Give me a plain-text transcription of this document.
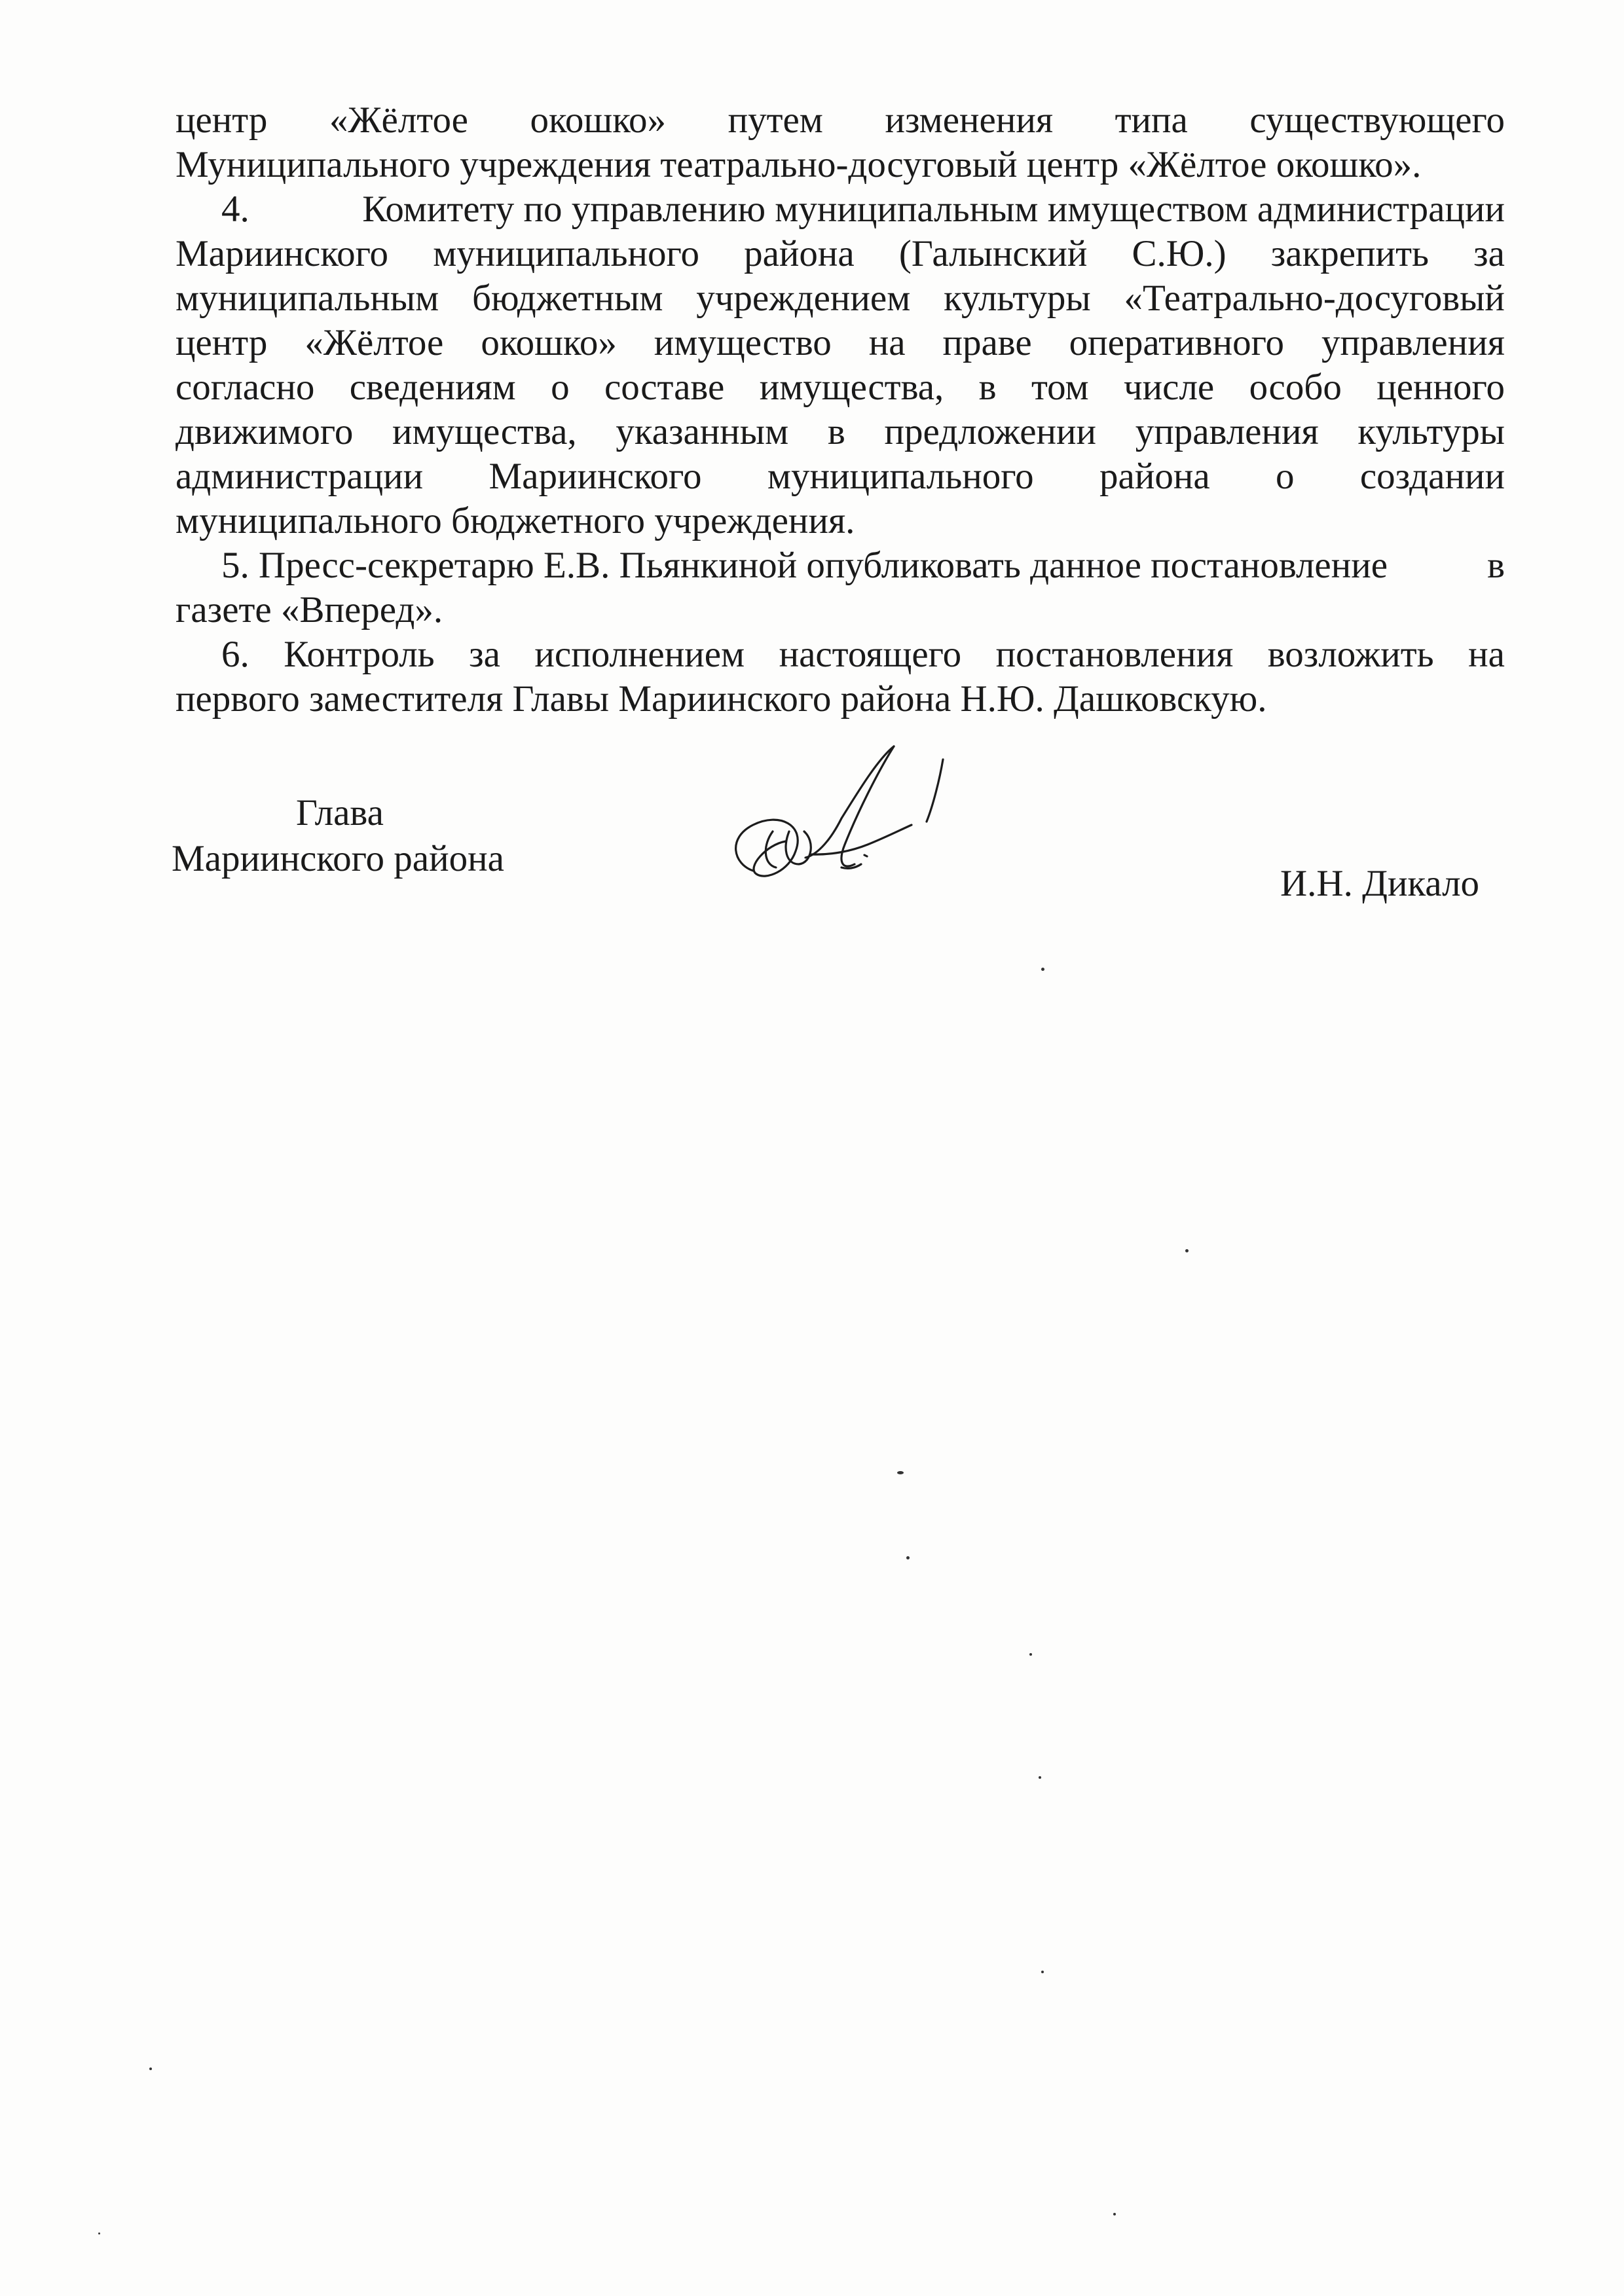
центр «Жёлтое окошко» путем изменения типа существующего
Муниципального учреждения театрально-досуговый центр «Жёлтое окошко».
4.	Комитету по управлению муниципальным имуществом администрации
Мариинского муниципального района (Галынский С.Ю.) закрепить за
муниципальным бюджетным учреждением культуры «Театрально-досуговый
центр «Жёлтое окошко» имущество на праве оперативного управления
согласно сведениям о составе имущества, в том числе особо ценного
движимого имущества, указанным в предложении управления культуры
администрации Мариинского муниципального района о создании
муниципального бюджетного учреждения.
5. Пресс-секретарю Е.В. Пьянкиной опубликовать данное постановление	в
газете «Вперед».
6. Контроль за исполнением настоящего постановления возложить на
первого заместителя Главы Мариинского района Н.Ю. Дашковскую.
Глава
Мариинского района
И.Н. Дикало
